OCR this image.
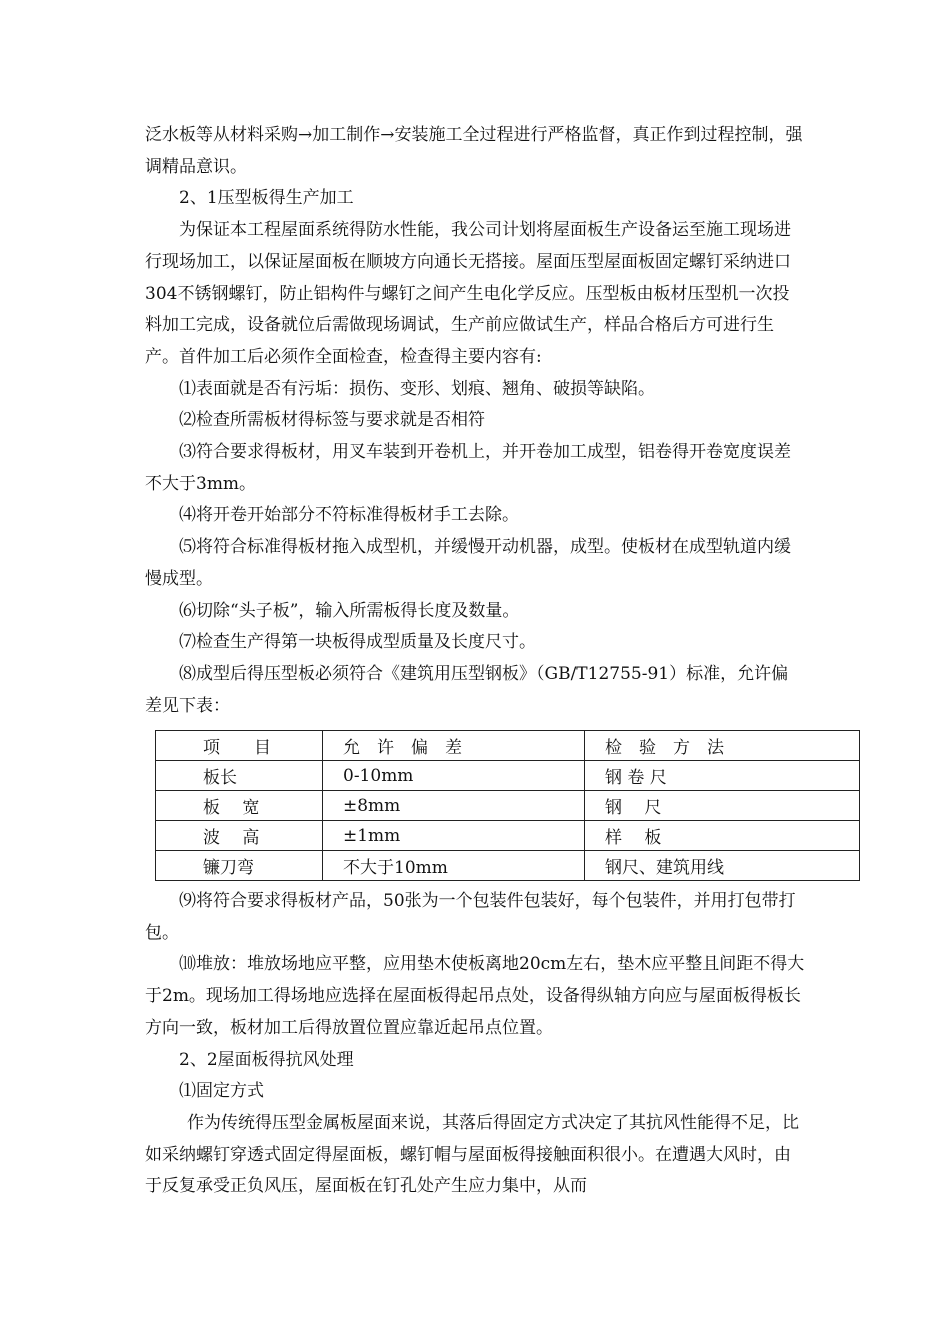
泛水板等从材料采购→加工制作→安装施工全过程进行严格监督，真正作到过程控制，强调精品意识。

2、1压型板得生产加工

为保证本工程屋面系统得防水性能，我公司计划将屋面板生产设备运至施工现场进行现场加工，以保证屋面板在顺坡方向通长无搭接。屋面压型屋面板固定螺钉采纳进口304不锈钢螺钉，防止铝构件与螺钉之间产生电化学反应。压型板由板材压型机一次投料加工完成，设备就位后需做现场调试，生产前应做试生产，样品合格后方可进行生产。首件加工后必须作全面检查，检查得主要内容有:

⑴表面就是否有污垢：损伤、变形、划痕、翘角、破损等缺陷。

⑵检查所需板材得标签与要求就是否相符

⑶符合要求得板材，用叉车装到开卷机上，并开卷加工成型，铝卷得开卷宽度误差不大于3mm。

⑷将开卷开始部分不符标准得板材手工去除。

⑸将符合标准得板材拖入成型机，并缓慢开动机器，成型。使板材在成型轨道内缓慢成型。

⑹切除“头子板”，输入所需板得长度及数量。

⑺检查生产得第一块板得成型质量及长度尺寸。

⑻成型后得压型板必须符合《建筑用压型钢板》（GB/T12755-91）标准，允许偏差见下表：

项　　目	允　许　偏　差	检　验　方　法
板长	0-10mm	钢 卷 尺
板　 宽	±8mm	钢　 尺
波　 高	±1mm	样　 板
镰刀弯	不大于10mm	钢尺、建筑用线

⑼将符合要求得板材产品，50张为一个包装件包装好，每个包装件，并用打包带打包。

⑽堆放：堆放场地应平整，应用垫木使板离地20cm左右，垫木应平整且间距不得大于2m。现场加工得场地应选择在屋面板得起吊点处，设备得纵轴方向应与屋面板得板长方向一致，板材加工后得放置位置应靠近起吊点位置。

2、2屋面板得抗风处理

⑴固定方式

作为传统得压型金属板屋面来说，其落后得固定方式决定了其抗风性能得不足，比如采纳螺钉穿透式固定得屋面板，螺钉帽与屋面板得接触面积很小。在遭遇大风时，由于反复承受正负风压，屋面板在钉孔处产生应力集中，从而
